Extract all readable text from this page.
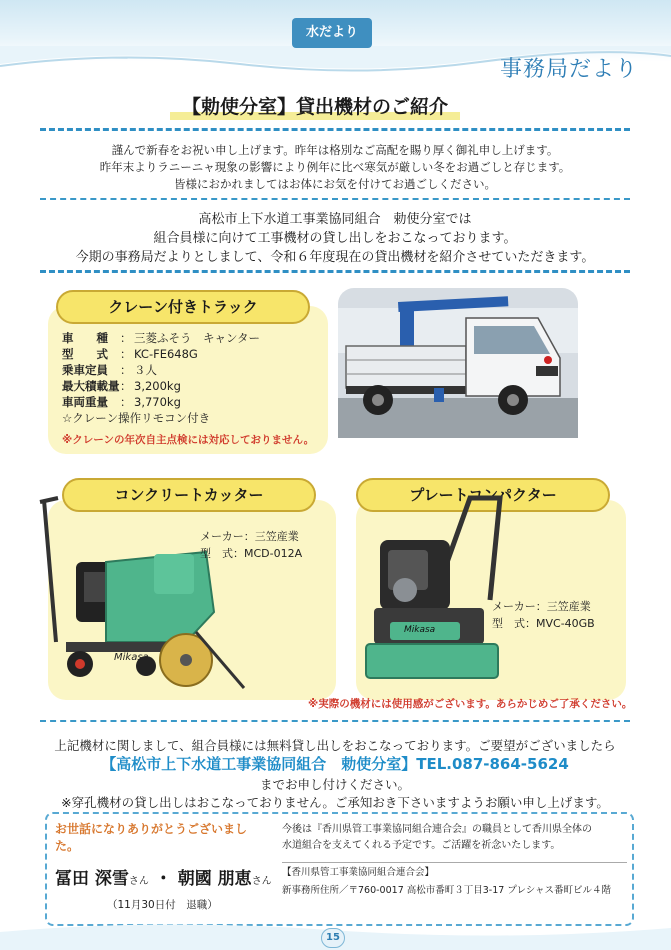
水だより
事務局だより
【勅使分室】貸出機材のご紹介
謹んで新春をお祝い申し上げます。昨年は格別なご高配を賜り厚く御礼申し上げます。
昨年末よりラニーニャ現象の影響により例年に比べ寒気が厳しい冬をお過ごしと存じます。
皆様におかれましてはお体にお気を付けてお過ごしください。
高松市上下水道工事業協同組合　勅使分室では
組合員様に向けて工事機材の貸し出しをおこなっております。
今期の事務局だよりとしまして、令和６年度現在の貸出機材を紹介させていただきます。
クレーン付きトラック
車　　種	： 三菱ふそう　キャンター
型　　式	： KC-FE648G
乗車定員	： ３人
最大積載量 ： 3,200kg
車両重量	： 3,770kg
☆クレーン操作リモコン付き
※クレーンの年次自主点検には対応しておりません。
コンクリートカッター
Mikasa
メーカー：三笠産業
型　式：MCD-012A
プレートコンパクター
Mikasa
メーカー：三笠産業
型　式：MVC-40GB
※実際の機材には使用感がございます。あらかじめご了承ください。
上記機材に関しまして、組合員様には無料貸し出しをおこなっております。ご要望がございましたら
【高松市上下水道工事業協同組合　勅使分室】TEL.087-864-5624
までお申し付けください。
※穿孔機材の貸し出しはおこなっておりません。ご承知おき下さいますようお願い申し上げます。
お世話になりありがとうございました。
冨田 深雪さん ・ 朝國 朋恵さん
（11月30日付　退職）
今後は『香川県管工事業協同組合連合会』の職員として香川県全体の
水道組合を支えてくれる予定です。ご活躍を祈念いたします。
【香川県管工事業協同組合連合会】
新事務所住所／〒760-0017 高松市番町３丁目3-17 プレシャス番町ビル４階
15
